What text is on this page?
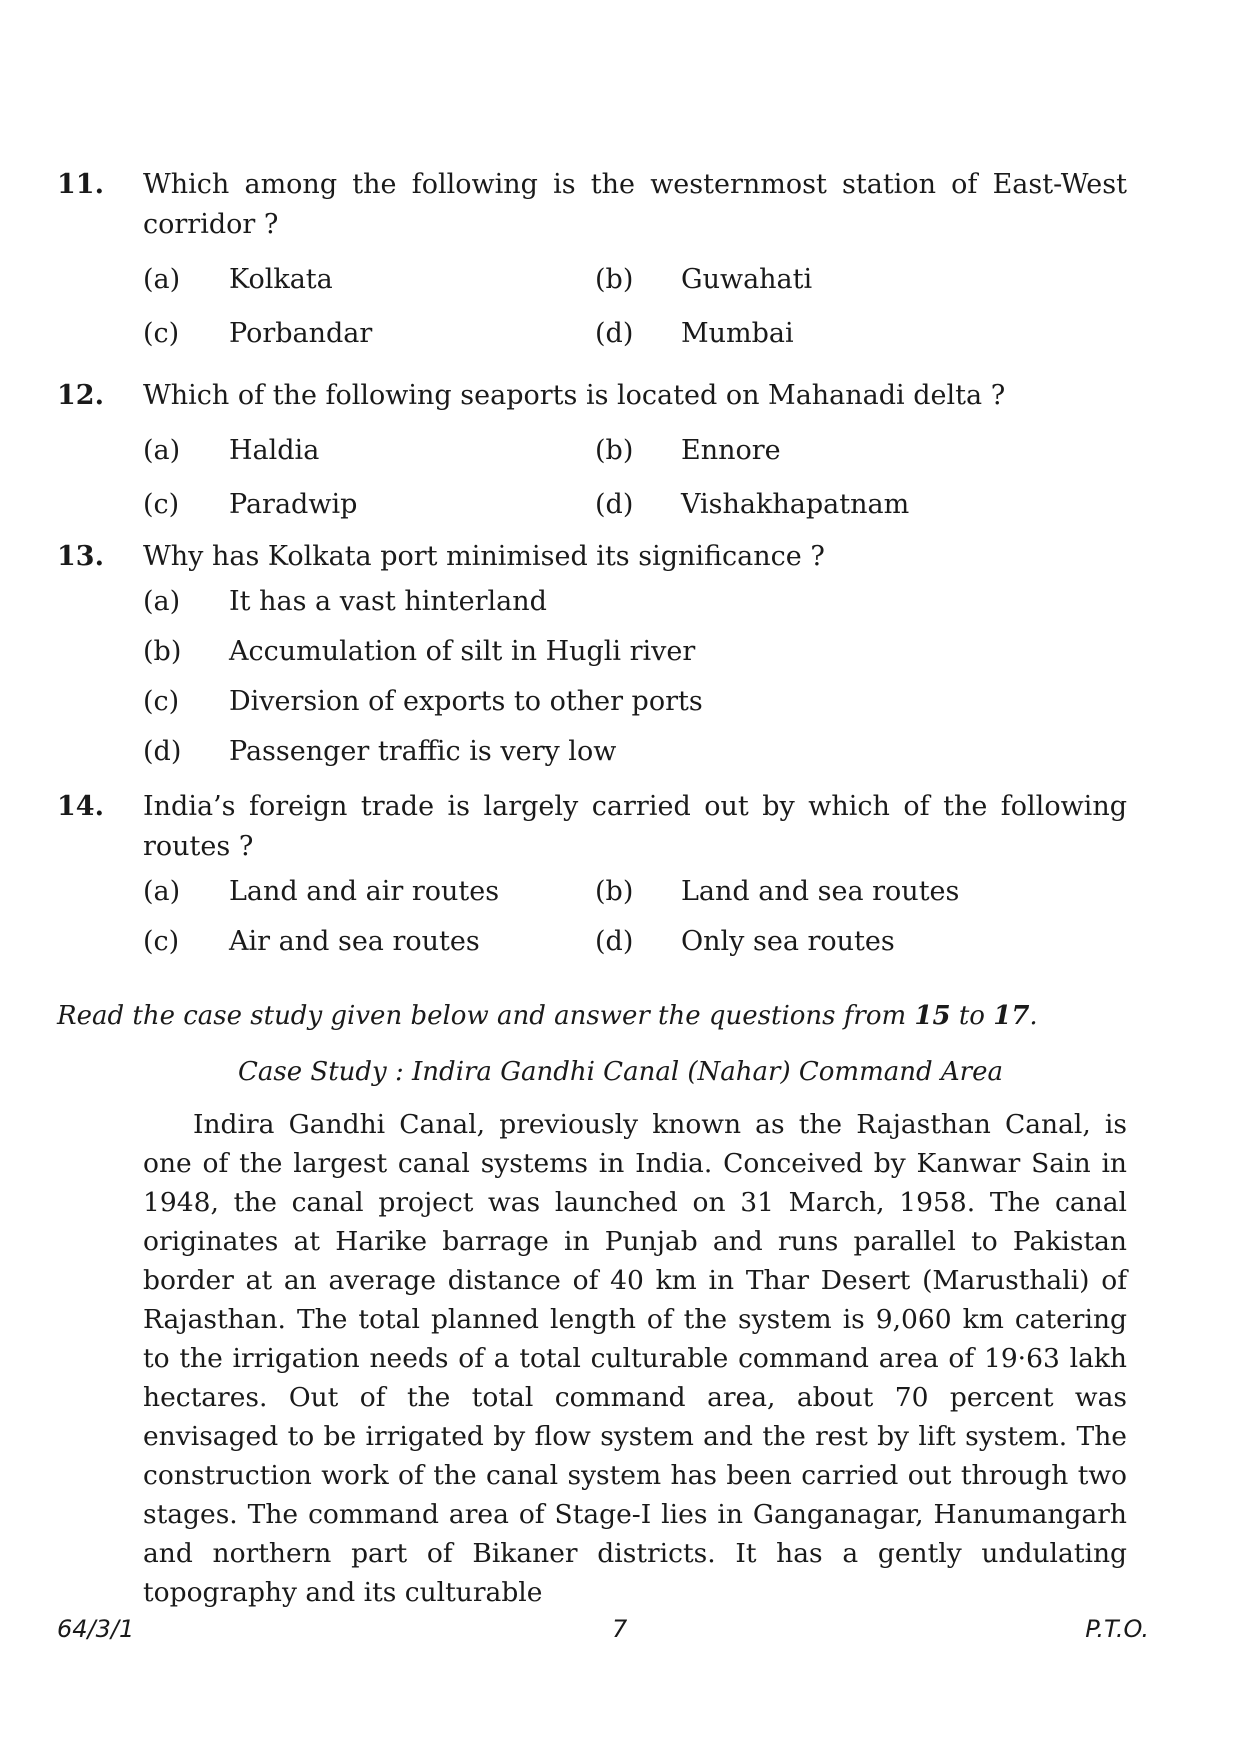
11. Which among the following is the westernmost station of East-West corridor ?
(a)	Kolkata	(b)	Guwahati
(c)	Porbandar	(d)	Mumbai
12. Which of the following seaports is located on Mahanadi delta ?
(a)	Haldia	(b)	Ennore
(c)	Paradwip	(d)	Vishakhapatnam
13. Why has Kolkata port minimised its significance ?
(a)	It has a vast hinterland
(b)	Accumulation of silt in Hugli river
(c)	Diversion of exports to other ports
(d)	Passenger traffic is very low
14. India’s foreign trade is largely carried out by which of the following routes ?
(a)	Land and air routes	(b)	Land and sea routes
(c)	Air and sea routes	(d)	Only sea routes
Read the case study given below and answer the questions from 15 to 17.
Case Study : Indira Gandhi Canal (Nahar) Command Area
Indira Gandhi Canal, previously known as the Rajasthan Canal, is one of the largest canal systems in India. Conceived by Kanwar Sain in 1948, the canal project was launched on 31 March, 1958. The canal originates at Harike barrage in Punjab and runs parallel to Pakistan border at an average distance of 40 km in Thar Desert (Marusthali) of Rajasthan. The total planned length of the system is 9,060 km catering to the irrigation needs of a total culturable command area of 19·63 lakh hectares. Out of the total command area, about 70 percent was envisaged to be irrigated by flow system and the rest by lift system. The construction work of the canal system has been carried out through two stages. The command area of Stage-I lies in Ganganagar, Hanumangarh and northern part of Bikaner districts. It has a gently undulating topography and its culturable
64/3/1	7	P.T.O.
